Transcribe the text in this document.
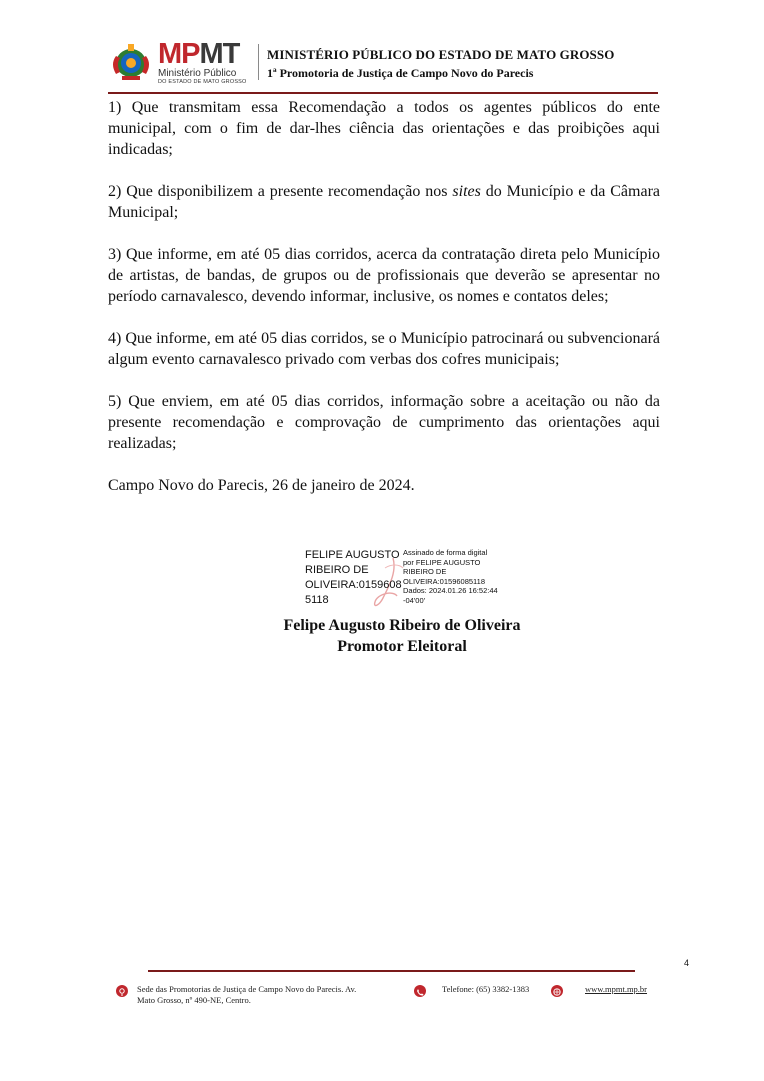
MPMT
Ministério Público
DO ESTADO DE MATO GROSSO
MINISTÉRIO PÚBLICO DO ESTADO DE MATO GROSSO
1ª Promotoria de Justiça de Campo Novo do Parecis

1) Que transmitam essa Recomendação a todos os agentes públicos do ente municipal, com o fim de dar-lhes ciência das orientações e das proibições aqui indicadas;

2) Que disponibilizem a presente recomendação nos sites do Município e da Câmara Municipal;

3) Que informe, em até 05 dias corridos, acerca da contratação direta pelo Município de artistas, de bandas, de grupos ou de profissionais que deverão se apresentar no período carnavalesco, devendo informar, inclusive, os nomes e contatos deles;

4) Que informe, em até 05 dias corridos, se o Município patrocinará ou subvencionará algum evento carnavalesco privado com verbas dos cofres municipais;

5) Que enviem, em até 05 dias corridos, informação sobre a aceitação ou não da presente recomendação e comprovação de cumprimento das orientações aqui realizadas;

Campo Novo do Parecis, 26 de janeiro de 2024.

FELIPE AUGUSTO
RIBEIRO DE
OLIVEIRA:0159608
5118
Assinado de forma digital
por FELIPE AUGUSTO
RIBEIRO DE
OLIVEIRA:01596085118
Dados: 2024.01.26 16:52:44
-04'00'
Felipe Augusto Ribeiro de Oliveira
Promotor Eleitoral
4
Sede das Promotorias de Justiça de Campo Novo do Parecis. Av.
Mato Grosso, nº 490-NE, Centro.
Telefone: (65) 3382-1383	www.mpmt.mp.br
